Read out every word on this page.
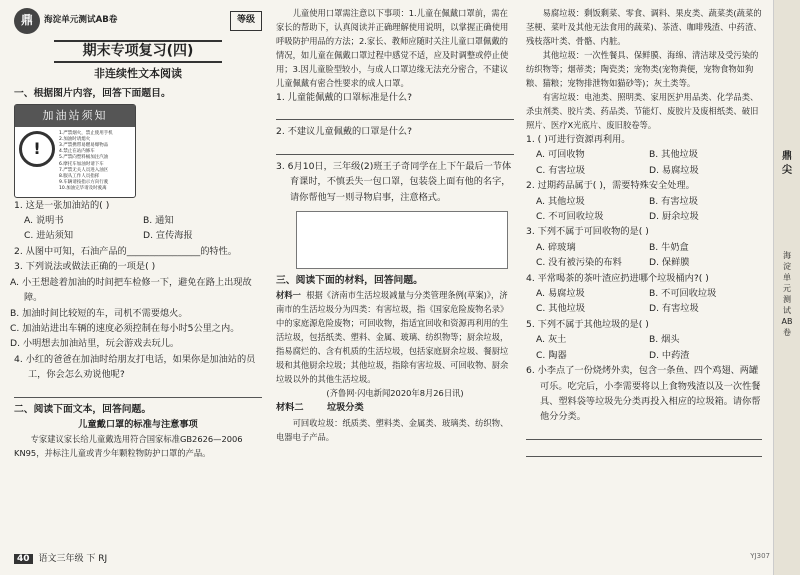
鼎	海淀单元测试AB卷	等级
期末专项复习(四)
非连续性文本阅读
一、根据图片内容，回答下面题目。
加油站须知
!
1.严禁烟火，禁止使用手机
2.加油时请熄火
3.严禁携带易燃易爆物品
4.禁止在站内修车
5.严禁向塑料桶加注汽油
6.摩托车加油时请下车
7.严禁无关人员进入油区
8.服从工作人员指挥
9.车辆请按指示方向行驶
10.加油完毕请及时驶离
1. 这是一张加油站的( )
A. 说明书	B. 通知
C. 进站须知	D. 宣传海报
2. 从图中可知，石油产品的________________的特性。
3. 下列说法或做法正确的一项是( )
A. 小王想趁着加油的时间把车检修一下，避免在路上出现故障。
B. 加油时间比较短的车，司机不需要熄火。
C. 加油站进出车辆的速度必须控制在每小时5公里之内。
D. 小明想去加油站里，玩会游戏去玩儿。
4. 小红的爸爸在加油时给朋友打电话，如果你是加油站的员工，你会怎么劝说他呢?
二、阅读下面文本，回答问题。
儿童戴口罩的标准与注意事项
专家建议家长给儿童戴选用符合国家标准GB2626—2006 KN95，并标注儿童或青少年颗粒物防护口罩的产品。
儿童使用口罩需注意以下事项：1.儿童在佩戴口罩前，需在家长的帮助下，认真阅读并正确理解使用说明，以掌握正确使用呼吸防护用品的方法；2.家长、教师应随时关注儿童口罩佩戴的情况，如儿童在佩戴口罩过程中感觉不适，应及时调整或停止使用；3.因儿童脸型较小，与成人口罩边缘无法充分密合，不建议儿童佩戴有密合性要求的成人口罩。
1. 儿童能佩戴的口罩标准是什么?
2. 不建议儿童佩戴的口罩是什么?
3. 6月10日，三年级(2)班王子奇同学在上下午最后一节体育课时，不慎丢失一包口罩，包装袋上面有他的名字，请你帮他写一则寻物启事，注意格式。
三、阅读下面的材料，回答问题。
材料一 根据《济南市生活垃圾减量与分类管理条例(草案)》，济南市的生活垃圾分为四类：有害垃圾，指《国家危险废物名录》中的家庭源危险废物；可回收物，指适宜回收和资源再利用的生活垃圾，包括纸类、塑料、金属、玻璃、纺织物等；厨余垃圾，指易腐烂的、含有机质的生活垃圾，包括家庭厨余垃圾、餐厨垃圾和其他厨余垃圾；其他垃圾，指除有害垃圾、可回收物、厨余垃圾以外的其他生活垃圾。
(齐鲁网·闪电新闻2020年8月26日讯)
材料二	垃圾分类
可回收垃圾：纸质类、塑料类、金属类、玻璃类、纺织物、电器电子产品。
易腐垃圾：剩饭剩菜、零食、调料、果皮类、蔬菜类(蔬菜的茎梗、菜叶及其他无法食用的蔬菜)、茶渣、咖啡残渣、中药渣、残枝落叶类、骨骼、内脏。
其他垃圾：一次性餐具、保鲜膜、海绵、清洁球及受污染的纺织物等；烟蒂类；陶瓷类；宠物类(宠物粪便，宠物食物如狗粮、猫粮；宠物排泄物如猫砂等)；灰土类等。
有害垃圾：电池类、照明类、家用医护用品类、化学品类、杀虫剂类、胶片类、药品类、节能灯、废胶片及废相纸类、破旧照片、医疗X光底片、废旧胶卷等。
1. ( )可进行资源再利用。
A. 可回收物	B. 其他垃圾
C. 有害垃圾	D. 易腐垃圾
2. 过期药品属于( )，需要特殊安全处理。
A. 其他垃圾	B. 有害垃圾
C. 不可回收垃圾	D. 厨余垃圾
3. 下列不属于可回收物的是( )
A. 碎玻璃	B. 牛奶盒
C. 没有被污染的布料	D. 保鲜膜
4. 平常喝茶的茶叶渣应扔进哪个垃圾桶内?( )
A. 易腐垃圾	B. 不可回收垃圾
C. 其他垃圾	D. 有害垃圾
5. 下列不属于其他垃圾的是( )
A. 灰土	B. 烟头
C. 陶器	D. 中药渣
6. 小李点了一份烧烤外卖，包含一条鱼、四个鸡翅、两罐可乐。吃完后，小李需要将以上食物残渣以及一次性餐具、塑料袋等垃圾先分类再投入相应的垃圾箱。请你帮他分分类。
鼎尖
海淀单元测试AB卷
40 语文三年级 下 RJ	YJ307
